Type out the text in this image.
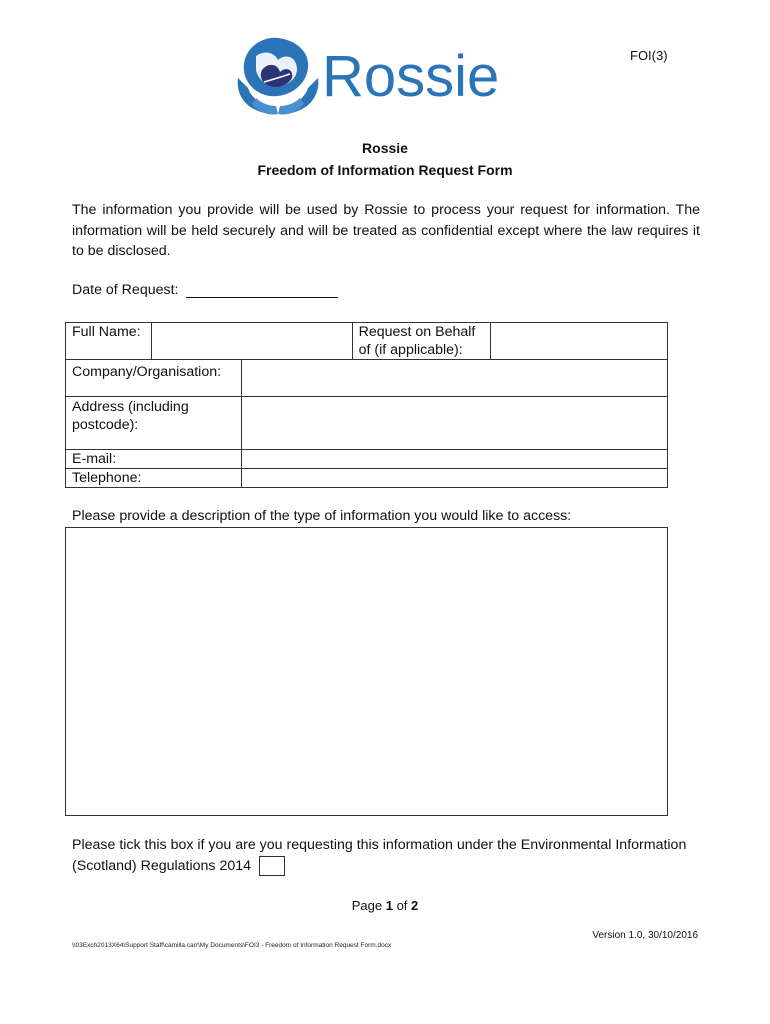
FOI(3)
Rossie
Rossie
Freedom of Information Request Form
The information you provide will be used by Rossie to process your request for information. The information will be held securely and will be treated as confidential except where the law requires it to be disclosed.
Date of Request:
Full Name:			Request on Behalf of (if applicable):	
Company/Organisation:				
Address (including postcode):				
E-mail:				
Telephone:				
Please provide a description of the type of information you would like to access:
Please tick this box if you are you requesting this information under the Environmental Information (Scotland) Regulations 2014
Page 1 of 2
Version 1.0, 30/10/2016
\\03Exch2013X64\Support Staff\camilla.carr\My Documents\FOI3 - Freedom of Information Request Form.docx
